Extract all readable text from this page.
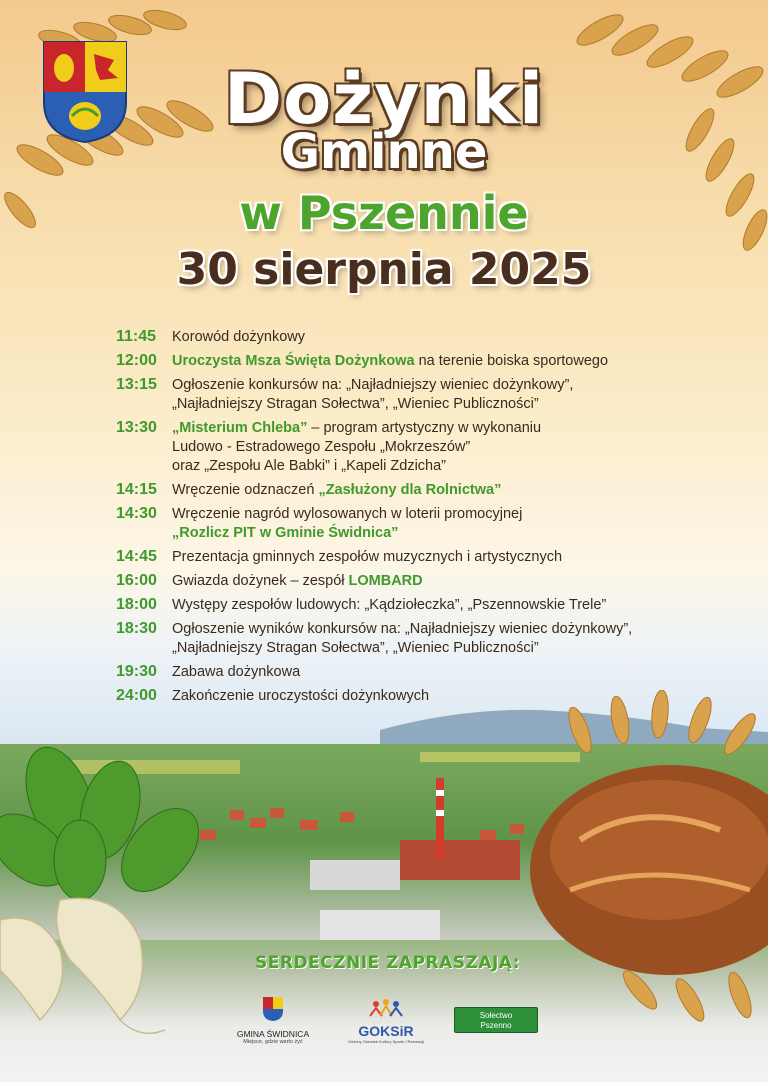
Dożynki
Gminne
w Pszennie
30 sierpnia 2025
11:45	Korowód dożynkowy
12:00	Uroczysta Msza Święta Dożynkowa na terenie boiska sportowego
13:15	Ogłoszenie konkursów na: „Najładniejszy wieniec dożynkowy”,
„Najładniejszy Stragan Sołectwa”, „Wieniec Publiczności”
13:30	„Misterium Chleba” – program artystyczny w wykonaniu
Ludowo - Estradowego Zespołu „Mokrzeszów”
oraz „Zespołu Ale Babki” i „Kapeli Zdzicha”
14:15	Wręczenie odznaczeń „Zasłużony dla Rolnictwa”
14:30	Wręczenie nagród wylosowanych w loterii promocyjnej
„Rozlicz PIT w Gminie Świdnica”
14:45	Prezentacja gminnych zespołów muzycznych i artystycznych
16:00	Gwiazda dożynek – zespół LOMBARD
18:00	Występy zespołów ludowych: „Kądziołeczka”, „Pszennowskie Trele”
18:30	Ogłoszenie wyników konkursów na: „Najładniejszy wieniec dożynkowy”,
„Najładniejszy Stragan Sołectwa”, „Wieniec Publiczności”
19:30	Zabawa dożynkowa
24:00	Zakończenie uroczystości dożynkowych
SERDECZNIE ZAPRASZAJĄ:
GMINA ŚWIDNICA
Miejsce, gdzie warto żyć
GOKSiR
Gminny Ośrodek Kultury Sportu i Rekreacji
Sołectwo
Pszenno
